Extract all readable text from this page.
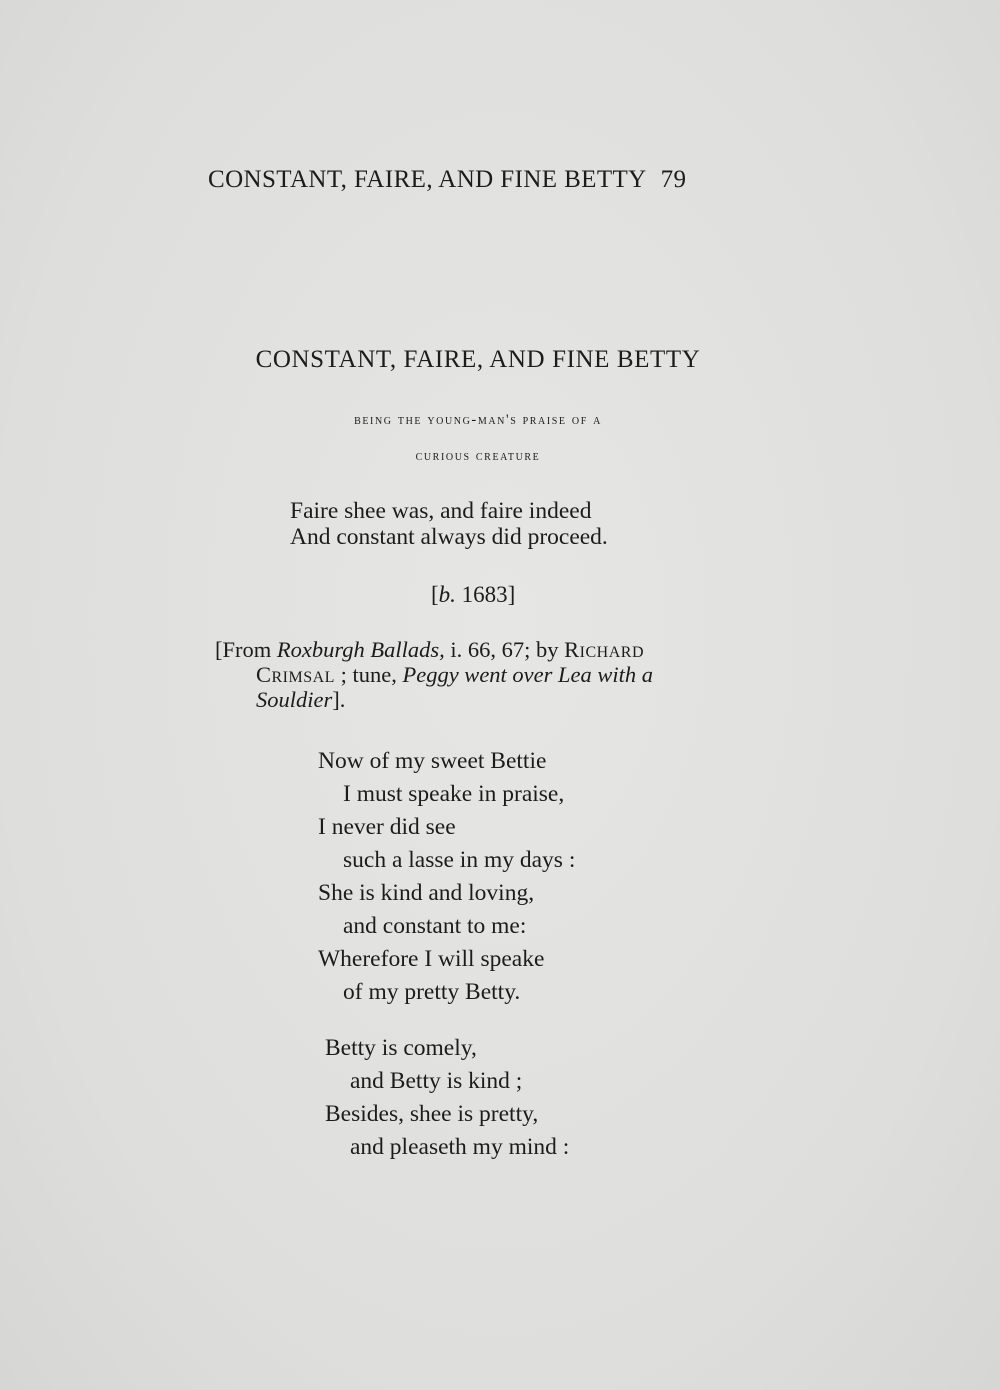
CONSTANT, FAIRE, AND FINE BETTY 79
CONSTANT, FAIRE, AND FINE BETTY
being the young-man's praise of a
curious creature
Faire shee was, and faire indeed
And constant always did proceed.
[b. 1683]
[From Roxburgh Ballads, i. 66, 67; by Richard
Crimsal ; tune, Peggy went over Lea with a
Souldier].
Now of my sweet Bettie
I must speake in praise,
I never did see
such a lasse in my days :
She is kind and loving,
and constant to me:
Wherefore I will speake
of my pretty Betty.
Betty is comely,
and Betty is kind ;
Besides, shee is pretty,
and pleaseth my mind :
